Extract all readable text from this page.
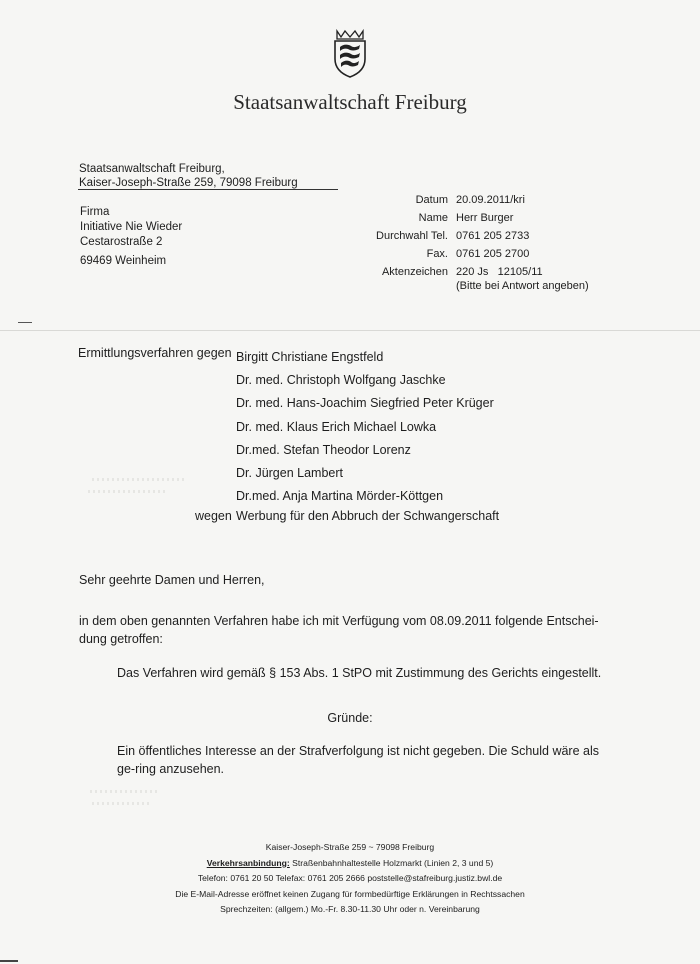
Staatsanwaltschaft Freiburg
Staatsanwaltschaft Freiburg,
Kaiser-Joseph-Straße 259, 79098 Freiburg
Firma
Initiative Nie Wieder
Cestarostraße 2
69469 Weinheim
Datum 20.09.2011/kri
Name Herr Burger
Durchwahl Tel. 0761 205 2733
Fax. 0761 205 2700
Aktenzeichen 220 Js   12105/11
(Bitte bei Antwort angeben)
Ermittlungsverfahren gegen Birgitt Christiane Engstfeld
Dr. med. Christoph Wolfgang Jaschke
Dr. med. Hans-Joachim Siegfried Peter Krüger
Dr. med. Klaus Erich Michael Lowka
Dr.med. Stefan Theodor Lorenz
Dr. Jürgen Lambert
Dr.med. Anja Martina Mörder-Köttgen
wegen Werbung für den Abbruch der Schwangerschaft
Sehr geehrte Damen und Herren,
in dem oben genannten Verfahren habe ich mit Verfügung vom 08.09.2011 folgende Entschei-dung getroffen:
Das Verfahren wird gemäß § 153 Abs. 1 StPO mit Zustimmung des Gerichts eingestellt.
Gründe:
Ein öffentliches Interesse an der Strafverfolgung ist nicht gegeben. Die Schuld wäre als ge-ring anzusehen.
Kaiser-Joseph-Straße 259 ~ 79098 Freiburg
Verkehrsanbindung: Straßenbahnhaltestelle Holzmarkt (Linien 2, 3 und 5)
Telefon: 0761 20 50 Telefax: 0761 205 2666 poststelle@stafreiburg.justiz.bwl.de
Die E-Mail-Adresse eröffnet keinen Zugang für formbedürftige Erklärungen in Rechtssachen
Sprechzeiten: (allgem.) Mo.-Fr. 8.30-11.30 Uhr oder n. Vereinbarung
